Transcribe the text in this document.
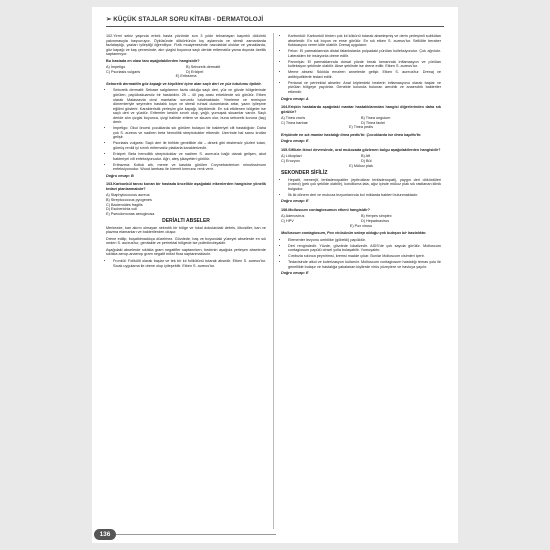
➢ KÜÇÜK STAJLAR SORU KİTABI - DERMATOLOJİ

102.Yirmi sekiz yaşında erkek hasta yüzünde son 3 yıldır tekrarlayan kaşıntılı döküntü yakınmasıyla başvuruyor. Öyküsünde döküntünün kış aylarında ve stresli zamanlarda fazlalaştığı, yazları iyileştiği öğreniliyor. Fizik muayenesinde nazolabial oluklar ve yanaklarda, göz kapağı ve kaş çevresinde, alın çizgisi boyunca saçlı deride eritematöz yama dışında özellik saptanmıyor.

Bu hastada en olası tanı aşağıdakilerden hangisidir?

A) İmpetigo	B) Seboreik dermatit
C) Psoriasis vulgaris	D) Erizipel
E) Eritrazma

Seboreik dermatitin göz kapağı ve kirpikleri içine alan saçlı deri ve yüz tutulumu tipiktir.

• Seboreik dermatit: Sebase salgılarının fazla olduğu saçlı deri, yüz ve gövde bölgelerinde görülen, papüloskuamöz bir hastalıktır. 25 – 40 yaş arası erkeklerde sık görülür. Etken olarak Malassezia cinsi mantarlar sorumlu tutulmaktadır. Yineleme ve remisyon dönemleriyle seyreden hastalık kışın ve stresli ruhsal durumlarda artar, yazın iyileşme eğilimi gösterir. Karakteristik yerleşim göz kapağı, kirpiklerdir. En sık etkilenen bölgeler ise saçlı deri ve yüzdür. Eritemler keskin sınırlı olup, yağlı, yumuşak skuamlar vardır. Saçlı deride alın çizgisi boyunca, çizgi halinde eritem ve skuam olur, buna seboreik korona (taç) denir.
• İmpetigo: Okul öncesi çocuklarda sık görülen bulaşıcı bir bakteriyel cilt hastalığıdır. Daha çok S. aureus ve nadiren beta hemolitik streptokokler etkendir. Üzerinde bal sarısı krutlar gelişir.
• Psoriasis vulgaris: Saçlı deri ile birlikte genellikle diz – dirsek gibi ekstensör yüzleri tutan, gümüş renkli iyi sınırlı eritematöz plaklarla karakterizedir.
• Erizipel: Beta hemolitik streptokoklar ve nadiren S. aureus'a bağlı olarak gelişen, akut bakteriyel cilt enfeksiyonudur. Ağrı, ateş şikayetleri görülür.
• Eritrazma: Koltuk altı, meme ve kasıkta görülen Corynebacterium minutissimum enfeksiyonudur. Wood lambası ile kiremit kırmızısı renk verir.

Doğru cevap: B

103.Karbonkül tanısı konan bir hastada öncelikle aşağıdaki etkenlerden hangisine yönelik tedavi planlanmalıdır?

A) Staphylococcus aureus
B) Streptococcus pyogenes
C) Bacteroides fragilis
D) Escherichia coli
E) Pseudomonas aeruginosa
DERİALTI ABSELER

Merkezde, kan akımı olmayan nekrotik bir bölge ve lokal dokulardaki debris, lökositler, kan ve plazma elamanları ve bakterilerden oluşur.

Drene edilip, boşaltılmadıkça düzelmez. Gövdede, baş ve boyundaki yüzeyel abselerde en sık neden S. aureus'tur, genitalde ve perirektal bölgede ise polimikrobiyaldir.

Aşağıdaki abselerde sıklıkla gram negatifler saptanırken, bedenin aşağıda yerleşen abselerde sıklıkla aerop-anaerop gram negatif mikst flora saptanmaktadır.

• Fronkül: Folikülit olarak başlar ve tek bir kıl folikülünü tutarak absedir. Etken S. aureus'tur. Sıcak uygulama ile drene olup iyileşebilir. Etken S. aureus'tur.
• Karbonkül: Karbonkül birden çok kıl kökünü tutarak abseleşmiş ve derin yerleşimli subkütan abselerdir. En sık boyun ve ense görülür. En sık etken S. aureus'tur. Sellülite beraber fluktuasyon veren kitle olabilir. Drenaj uygulanır.
• Felon: El parmaklarında distal falankslarda pulpadaki pürülan kolleksiyondur. Çok ağrılıdır. Lateralden bir insizyonla drene edilir.
• Paronişia: El parmaklarında dorsal yüzde tırnak kenarında inflamasyon ve pürülan kolleksiyon şeklinde olabilir. Abse şeklinde ise drene edilir. Etken S. aureus'tur.
• Meme absesi: Sıklıkla emziren annelerde gelişir. Etken S. aureus'tur. Drenaj ve antibiyotiklerle tedavi edilir.
• Perianal ve perirektal abseler: Anal kriplerdeki bezlerin inflamasyonu olarak başlar ve pürülan bölgeye yayılırlar. Genelde kolonda bulunan aerobik ve anaerobik bakteriler etkendir.

Doğru cevap: A

104.Erişkin hastalarda aşağıdaki mantar hastalıklarından hangisi diğerlerinden daha sık görülür?

A) Tinea cruris	B) Tinea unguium
C) Tinea barbae	D) Tinea faciei
E) Tinea pedis

Erişkinde en sık mantar hastalığı tinea pedis'tir. Çocuklarda ise tinea kapitis'tir.

Doğru cevap: E

105.Sifilizin ikinci devresinde, oral mukozada gözlenen bulgu aşağıdakilerden hangisidir?

A) Lökoplazi	B) Aft
C) Erozyon	D) Bül
E) Mükoz plak
SEKONDER SİFİLİZ
• Hepatit, menenjit, lenfadenopatiler (epitroklear lenfadenopati), yaygın deri döküntüleri (roseol) (pek çok şekilde olabilir), kondiloma lata, ağız içinde mükoz plak sık rastlanan klinik bulgudur.
• İlk iki dönem deri ve mukoza lezyonlarında bol miktarda bakteri bulunmaktadır.

Doğru cevap: E

106.Molluscum contagiosumun etkeni hangisidir?

A) Adenovirus	B) Herpes simplex
C) HPV	D) Hepadnavirus
E) Pox virusu

Molluscum contagiosum, Pox virüsünün sebep olduğu çok bulaşıcı bir hastalıktır.

• Elementer lezyonu umbilike (göbekli) papüldür.
• Deri rengindedir. Yüzde, gövdede lokalizedir. AIDS'de çok sayıda görülür. Molloscum contagiosum papülü cinsel yolla bulaşabilir. Yumuşaktır.
• Cımbızla sıkınca peynirimsi, kremsi madde çıkar. Bunlar Molloscum cisimleri içerir.
• Tedavisinde alkol ve koterizasyon kullanılır. Molloscum contagiosum hastalığı temas yolu ile genellikle bulaşır ve hastalığa yakalanan kişilerde virüs yüzeylere ve havluya yayılır.

Doğru cevap: E

136
